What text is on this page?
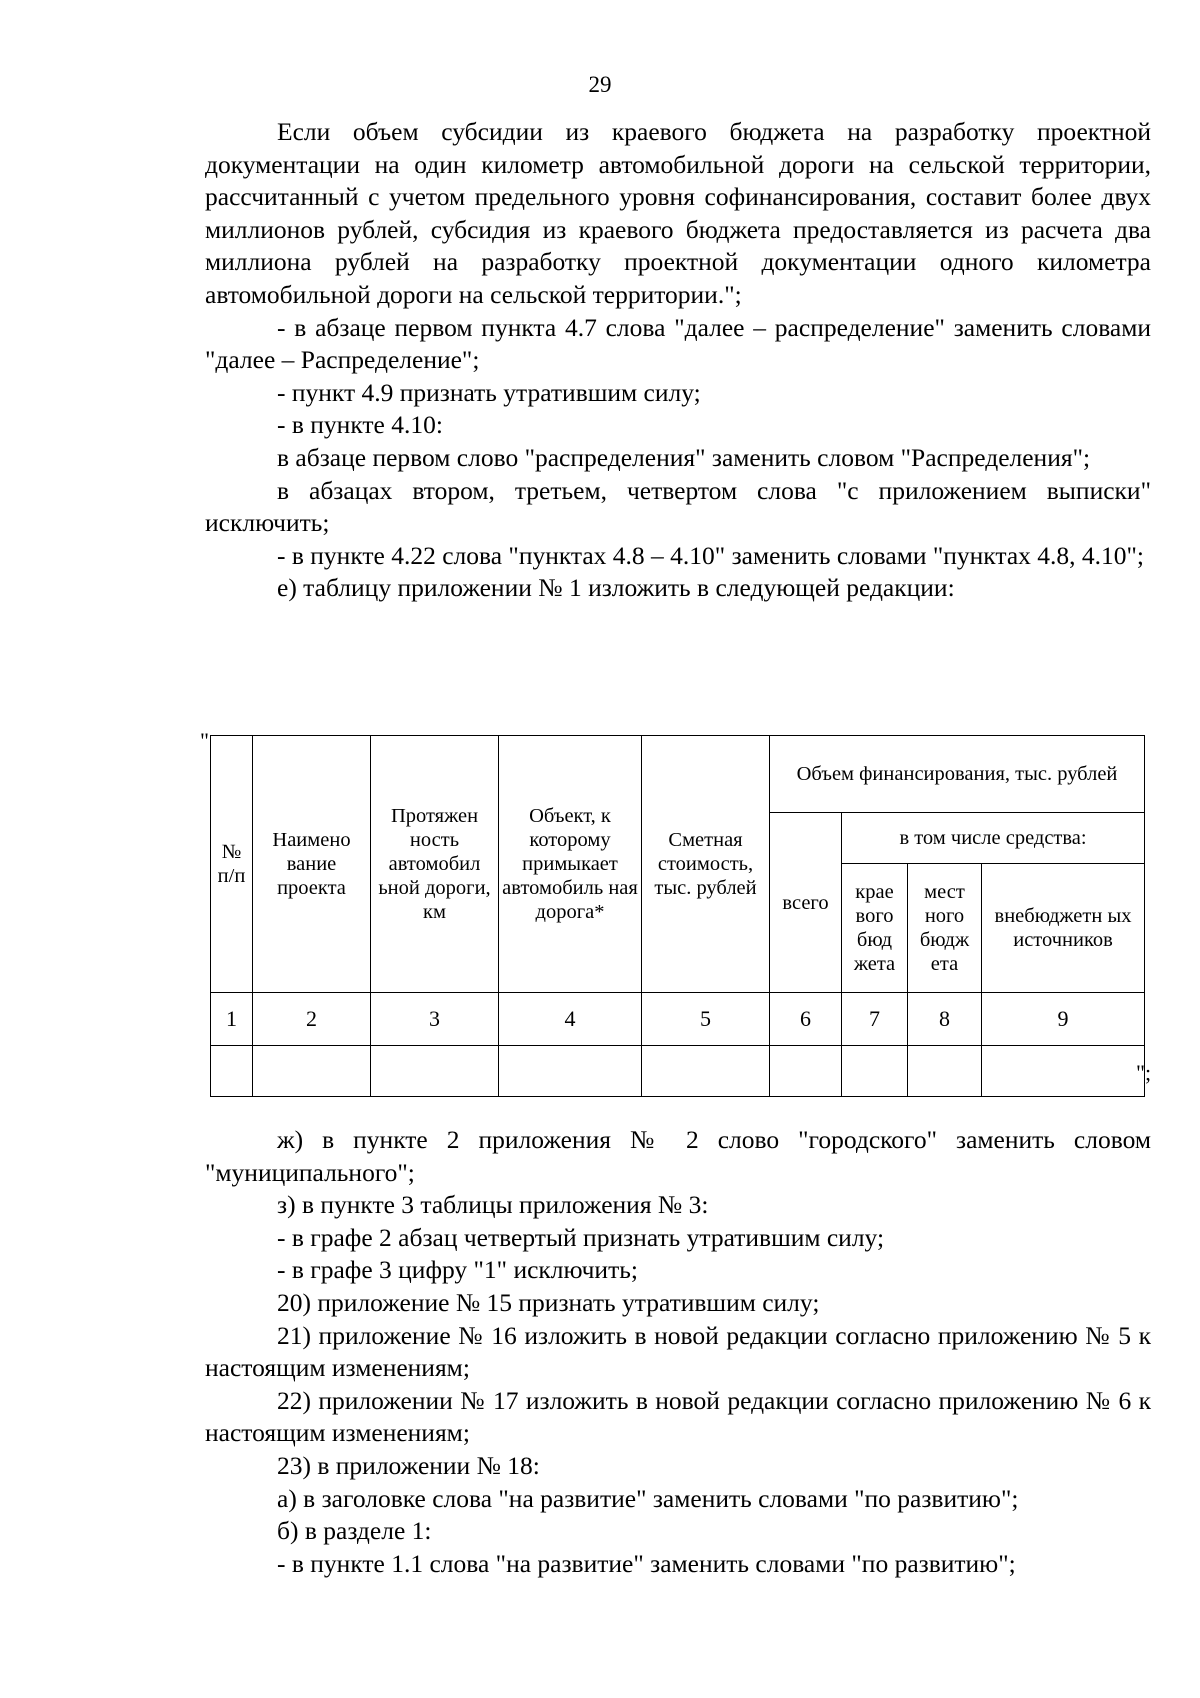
29

Если объем субсидии из краевого бюджета на разработку проектной документации на один километр автомобильной дороги на сельской территории, рассчитанный с учетом предельного уровня софинансирования, составит более двух миллионов рублей, субсидия из краевого бюджета предоставляется из расчета два миллиона рублей на разработку проектной документации одного километра автомобильной дороги на сельской территории.";

- в абзаце первом пункта 4.7 слова "далее – распределение" заменить словами "далее – Распределение";

- пункт 4.9 признать утратившим силу;

- в пункте 4.10:

в абзаце первом слово "распределения" заменить словом "Распределения";

в абзацах втором, третьем, четвертом слова "с приложением выписки" исключить;

- в пункте 4.22 слова "пунктах 4.8 – 4.10" заменить словами "пунктах 4.8, 4.10";

е) таблицу приложении № 1 изложить в следующей редакции:

"
№ п/п	Наимено вание проекта	Протяжен ность автомобил ьной дороги, км	Объект, к которому примыкает автомобиль ная дорога*	Сметная стоимость, тыс. рублей	Объем финансирования, тыс. рублей			
					всего	в том числе средства:		
						крае вого бюд жета	мест ного бюдж ета	внебюджетн ых источников
1	2	3	4	5	6	7	8	9

";

ж) в пункте 2 приложения № 2 слово "городского" заменить словом "муниципального";

з) в пункте 3 таблицы приложения № 3:

- в графе 2 абзац четвертый признать утратившим силу;

- в графе 3 цифру "1" исключить;

20) приложение № 15 признать утратившим силу;

21) приложение № 16 изложить в новой редакции согласно приложению № 5 к настоящим изменениям;

22) приложении № 17 изложить в новой редакции согласно приложению № 6 к настоящим изменениям;

23) в приложении № 18:

а) в заголовке слова "на развитие" заменить словами "по развитию";

б) в разделе 1:

- в пункте 1.1 слова "на развитие" заменить словами "по развитию";
